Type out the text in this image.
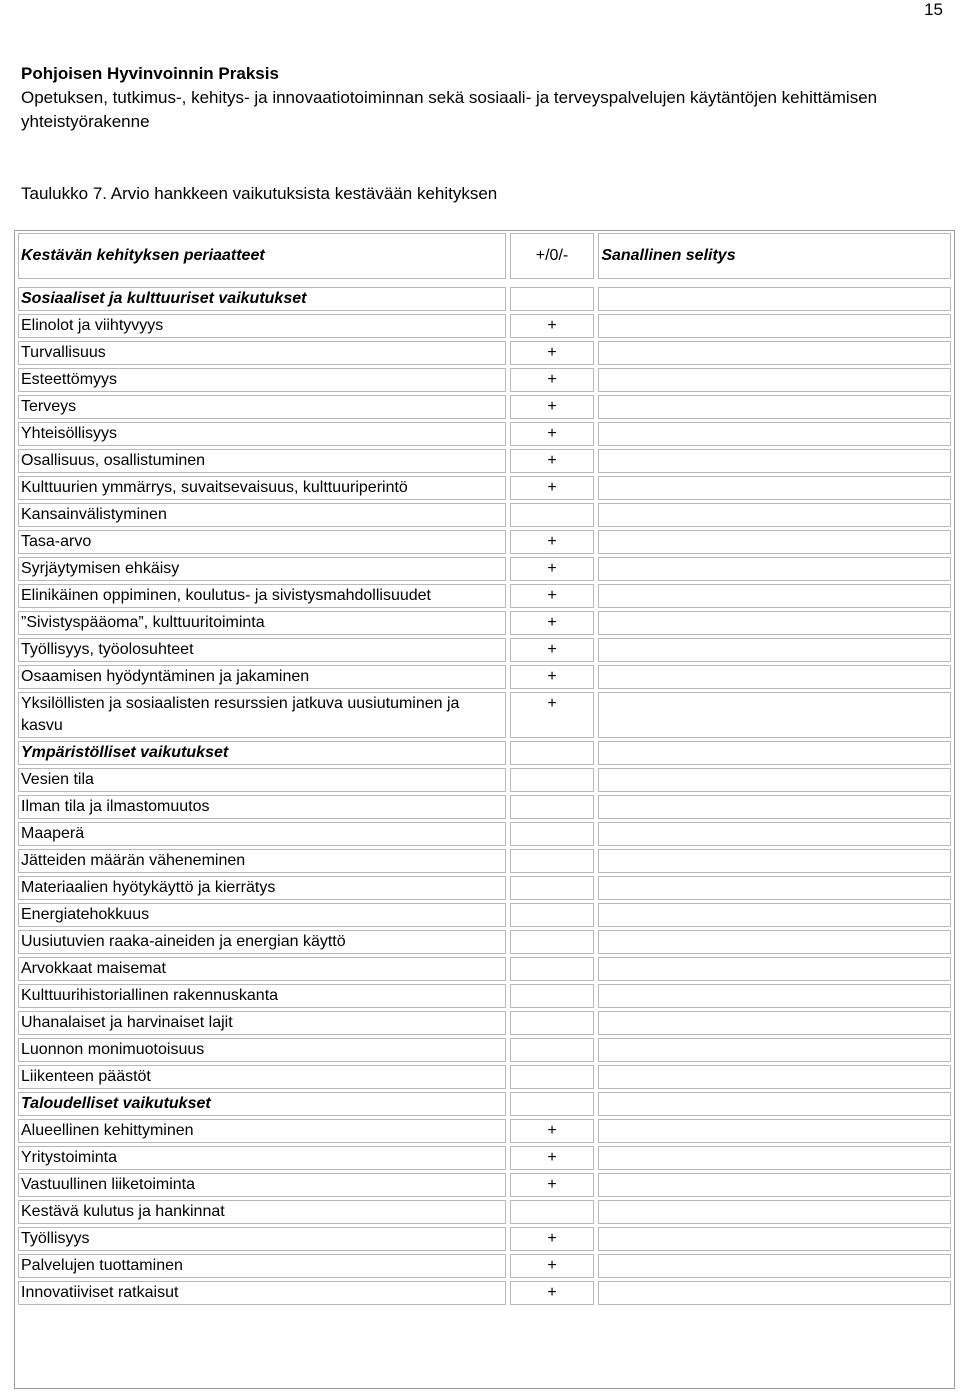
15
Pohjoisen Hyvinvoinnin Praksis
Opetuksen, tutkimus-, kehitys- ja innovaatiotoiminnan sekä sosiaali- ja terveyspalvelujen käytäntöjen kehittämisen yhteistyörakenne
Taulukko 7. Arvio hankkeen vaikutuksista kestävään kehityksen
Kestävän kehityksen periaatteet	+/0/-	Sanallinen selitys

Sosiaaliset ja kulttuuriset vaikutukset		
Elinolot ja viihtyvyys	+	
Turvallisuus	+	
Esteettömyys	+	
Terveys	+	
Yhteisöllisyys	+	
Osallisuus, osallistuminen	+	
Kulttuurien ymmärrys, suvaitsevaisuus, kulttuuriperintö	+	
Kansainvälistyminen		
Tasa-arvo	+	
Syrjäytymisen ehkäisy	+	
Elinikäinen oppiminen, koulutus- ja sivistysmahdollisuudet	+	
”Sivistyspääoma”, kulttuuritoiminta	+	
Työllisyys, työolosuhteet	+	
Osaamisen hyödyntäminen ja jakaminen	+	
Yksilöllisten ja sosiaalisten resurssien jatkuva uusiutuminen ja kasvu	+	
Ympäristölliset vaikutukset		
Vesien tila		
Ilman tila ja ilmastomuutos		
Maaperä		
Jätteiden määrän väheneminen		
Materiaalien hyötykäyttö ja kierrätys		
Energiatehokkuus		
Uusiutuvien raaka-aineiden ja energian käyttö		
Arvokkaat maisemat		
Kulttuurihistoriallinen rakennuskanta		
Uhanalaiset ja harvinaiset lajit		
Luonnon monimuotoisuus		
Liikenteen päästöt		
Taloudelliset vaikutukset		
Alueellinen kehittyminen	+	
Yritystoiminta	+	
Vastuullinen liiketoiminta	+	
Kestävä kulutus ja hankinnat		
Työllisyys	+	
Palvelujen tuottaminen	+	
Innovatiiviset ratkaisut	+	
